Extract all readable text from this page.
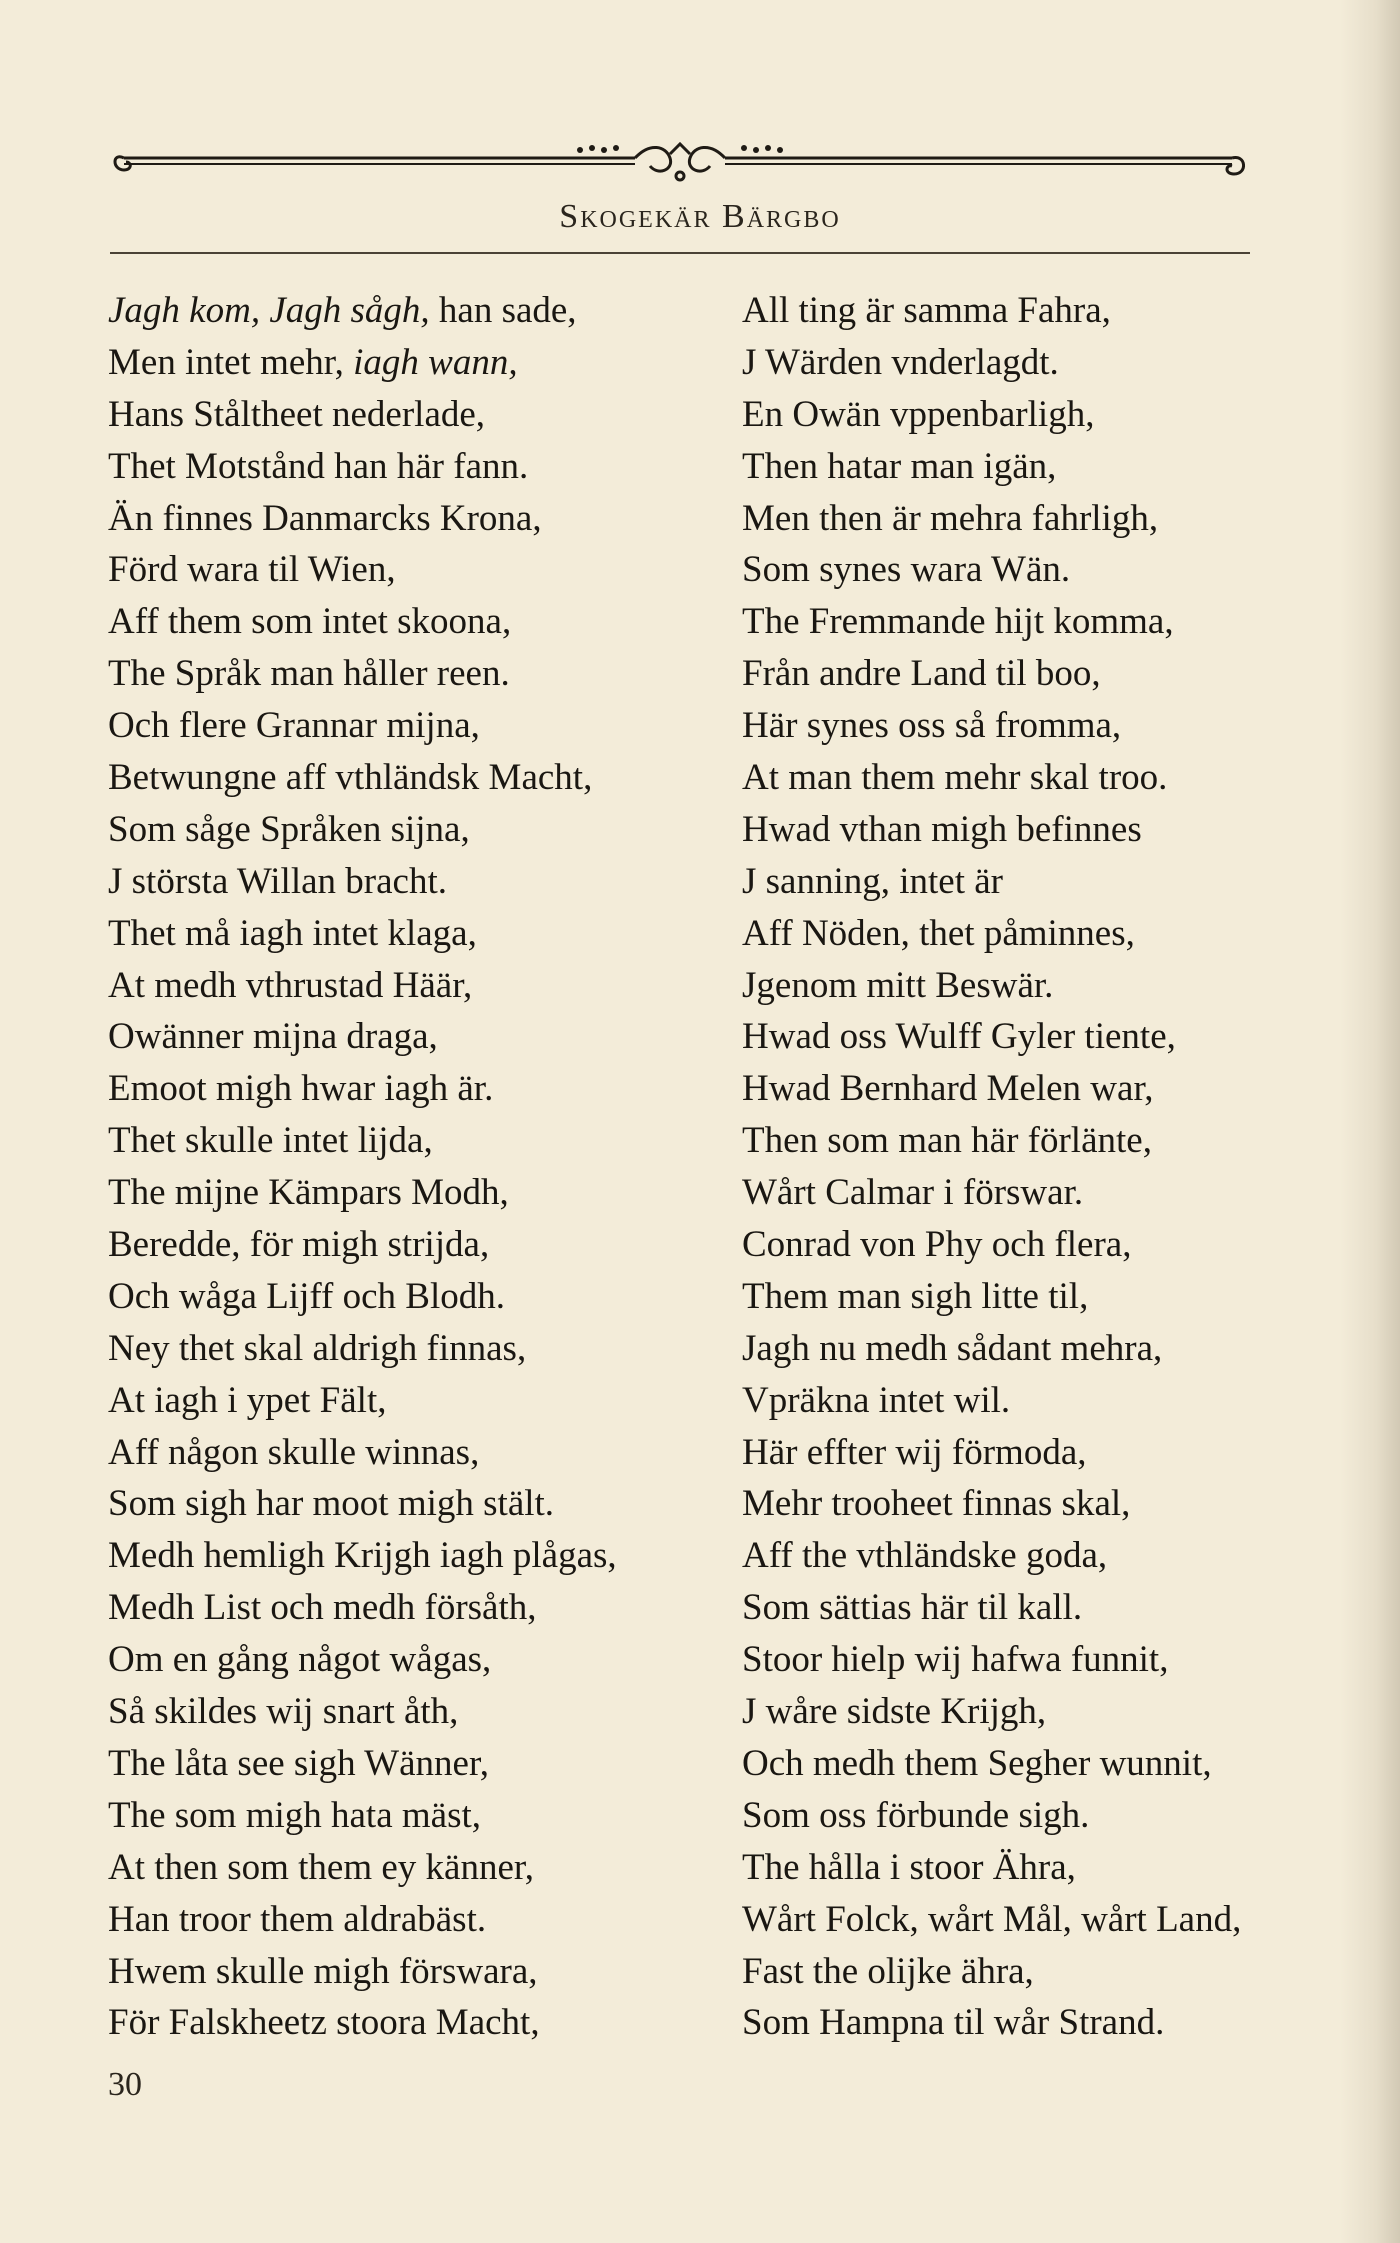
Skogekär Bärgbo
Jagh kom, Jagh sågh, han sade,
Men intet mehr, iagh wann,
Hans Ståltheet nederlade,
Thet Motstånd han här fann.
Än finnes Danmarcks Krona,
Förd wara til Wien,
Aff them som intet skoona,
The Språk man håller reen.
Och flere Grannar mijna,
Betwungne aff vthländsk Macht,
Som såge Språken sijna,
J största Willan bracht.
Thet må iagh intet klaga,
At medh vthrustad Häär,
Owänner mijna draga,
Emoot migh hwar iagh är.
Thet skulle intet lijda,
The mijne Kämpars Modh,
Beredde, för migh strijda,
Och wåga Lijff och Blodh.
Ney thet skal aldrigh finnas,
At iagh i ypet Fält,
Aff någon skulle winnas,
Som sigh har moot migh stält.
Medh hemligh Krijgh iagh plågas,
Medh List och medh försåth,
Om en gång något wågas,
Så skildes wij snart åth,
The låta see sigh Wänner,
The som migh hata mäst,
At then som them ey känner,
Han troor them aldrabäst.
Hwem skulle migh förswara,
För Falskheetz stoora Macht,
All ting är samma Fahra,
J Wärden vnderlagdt.
En Owän vppenbarligh,
Then hatar man igän,
Men then är mehra fahrligh,
Som synes wara Wän.
The Fremmande hijt komma,
Från andre Land til boo,
Här synes oss så fromma,
At man them mehr skal troo.
Hwad vthan migh befinnes
J sanning, intet är
Aff Nöden, thet påminnes,
Jgenom mitt Beswär.
Hwad oss Wulff Gyler tiente,
Hwad Bernhard Melen war,
Then som man här förlänte,
Wårt Calmar i förswar.
Conrad von Phy och flera,
Them man sigh litte til,
Jagh nu medh sådant mehra,
Vpräkna intet wil.
Här effter wij förmoda,
Mehr trooheet finnas skal,
Aff the vthländske goda,
Som sättias här til kall.
Stoor hielp wij hafwa funnit,
J wåre sidste Krijgh,
Och medh them Segher wunnit,
Som oss förbunde sigh.
The hålla i stoor Ähra,
Wårt Folck, wårt Mål, wårt Land,
Fast the olijke ähra,
Som Hampna til wår Strand.
30
